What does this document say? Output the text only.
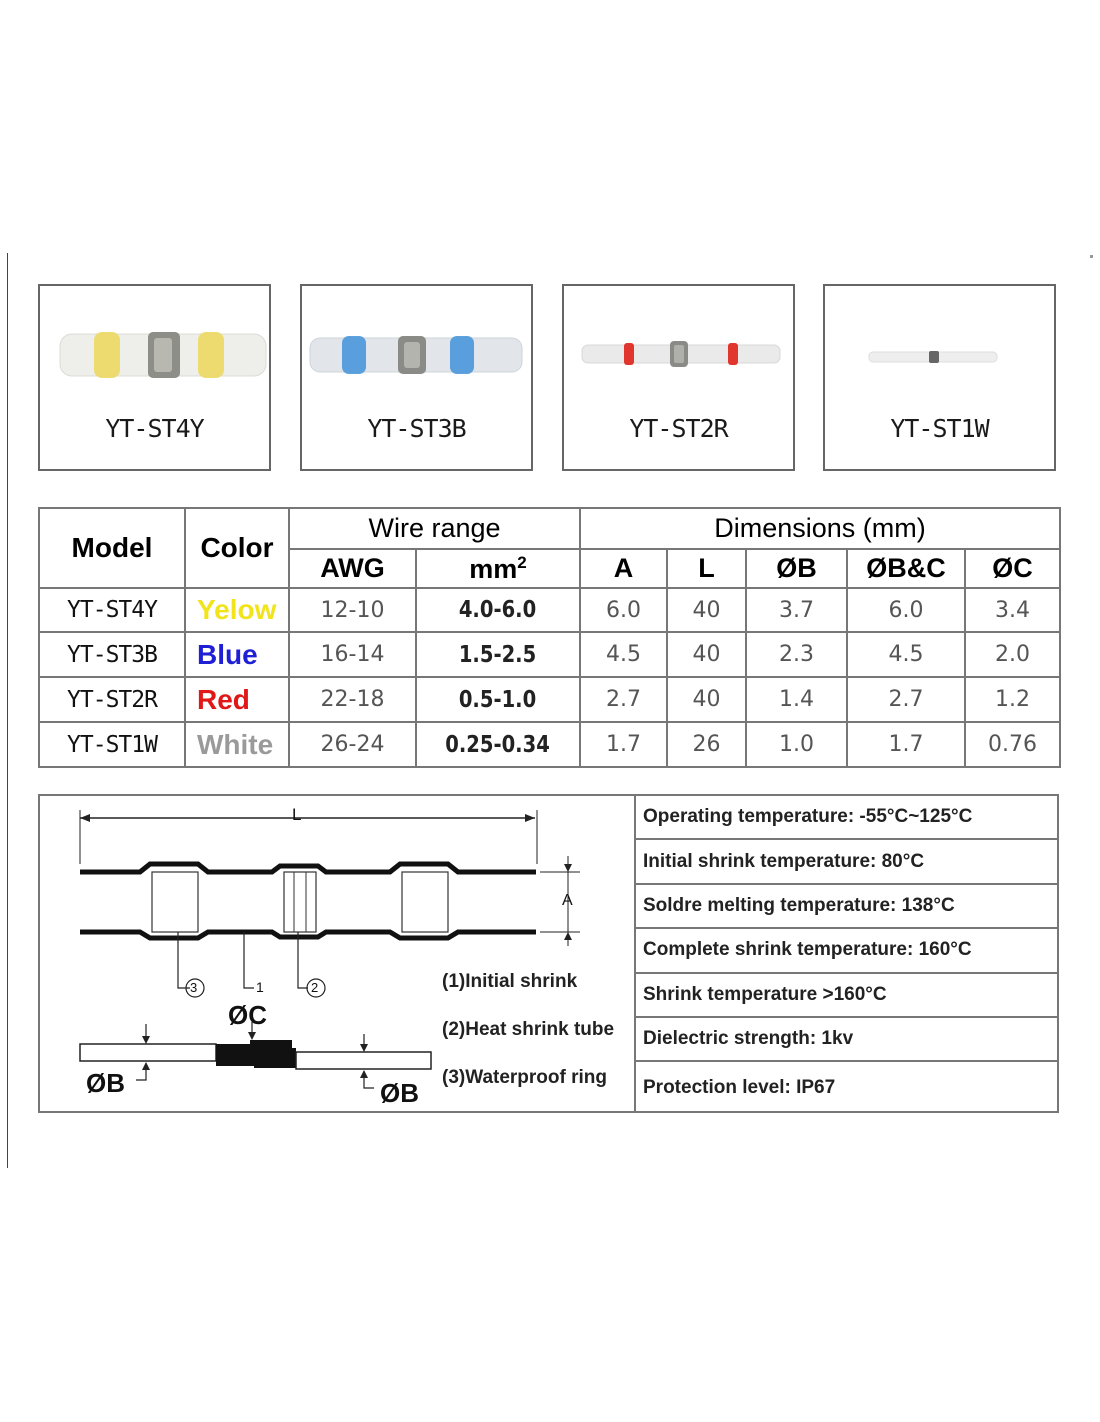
YT-ST4Y	YT-ST3B	YT-ST2R	YT-ST1W
Model	Color	Wire range		Dimensions (mm)				
		AWG	$mm^2$	A	L	ØB	ØB&C	ØC
YT-ST4Y	Yelow	12-10	4.0-6.0	6.0	40	3.7	6.0	3.4
YT-ST3B	Blue	16-14	1.5-2.5	4.5	40	2.3	4.5	2.0
YT-ST2R	Red	22-18	0.5-1.0	2.7	40	1.4	2.7	1.2
YT-ST1W	White	26-24	0.25-0.34	1.7	26	1.0	1.7	0.76
L
A
3	1	2
ØC
ØB	ØB
(1)Initial shrink
(2)Heat shrink tube
(3)Waterproof ring
Operating temperature: -55°C~125°C
Initial shrink temperature: 80°C
Soldre melting temperature: 138°C
Complete shrink temperature: 160°C
Shrink temperature >160°C
Dielectric strength: 1kv
Protection level: IP67
